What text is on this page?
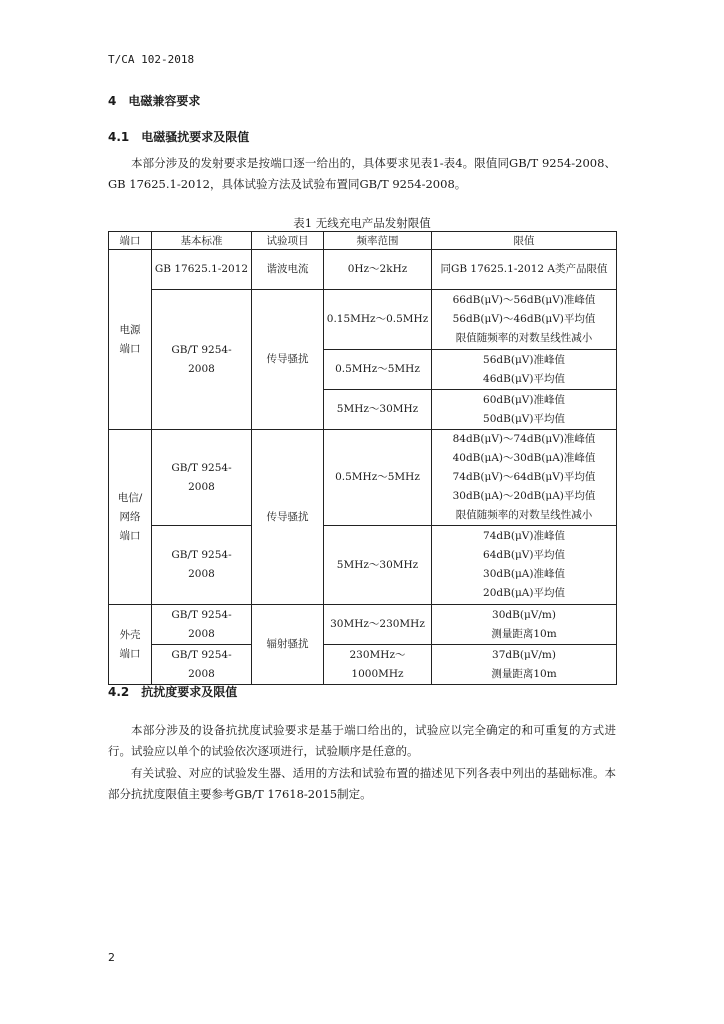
T/CA 102-2018
4　电磁兼容要求
4.1　电磁骚扰要求及限值
本部分涉及的发射要求是按端口逐一给出的，具体要求见表1-表4。限值同GB/T 9254-2008、GB 17625.1-2012，具体试验方法及试验布置同GB/T 9254-2008。
表1 无线充电产品发射限值
端口	基本标准	试验项目	频率范围	限值
电源端口	GB 17625.1-2012	谐波电流	0Hz～2kHz	同GB 17625.1-2012 A类产品限值
	GB/T 9254-2008	传导骚扰	0.15MHz～0.5MHz	66dB(μV)～56dB(μV)准峰值
56dB(μV)～46dB(μV)平均值
限值随频率的对数呈线性减小

			0.5MHz～5MHz	56dB(μV)准峰值
46dB(μV)平均值

			5MHz～30MHz	60dB(μV)准峰值
50dB(μV)平均值

电信/网络端口	GB/T 9254-2008	传导骚扰	0.5MHz～5MHz	84dB(μV)～74dB(μV)准峰值
40dB(μA)～30dB(μA)准峰值
74dB(μV)～64dB(μV)平均值
30dB(μA)～20dB(μA)平均值
限值随频率的对数呈线性减小

	GB/T 9254-2008		5MHz～30MHz	74dB(μV)准峰值
64dB(μV)平均值
30dB(μA)准峰值
20dB(μA)平均值

外壳端口	GB/T 9254-2008	辐射骚扰	30MHz～230MHz	30dB(μV/m)
测量距离10m

	GB/T 9254-2008		230MHz～1000MHz	37dB(μV/m)
测量距离10m
4.2　抗扰度要求及限值
本部分涉及的设备抗扰度试验要求是基于端口给出的，试验应以完全确定的和可重复的方式进行。试验应以单个的试验依次逐项进行，试验顺序是任意的。
有关试验、对应的试验发生器、适用的方法和试验布置的描述见下列各表中列出的基础标准。本部分抗扰度限值主要参考GB/T 17618-2015制定。
2
